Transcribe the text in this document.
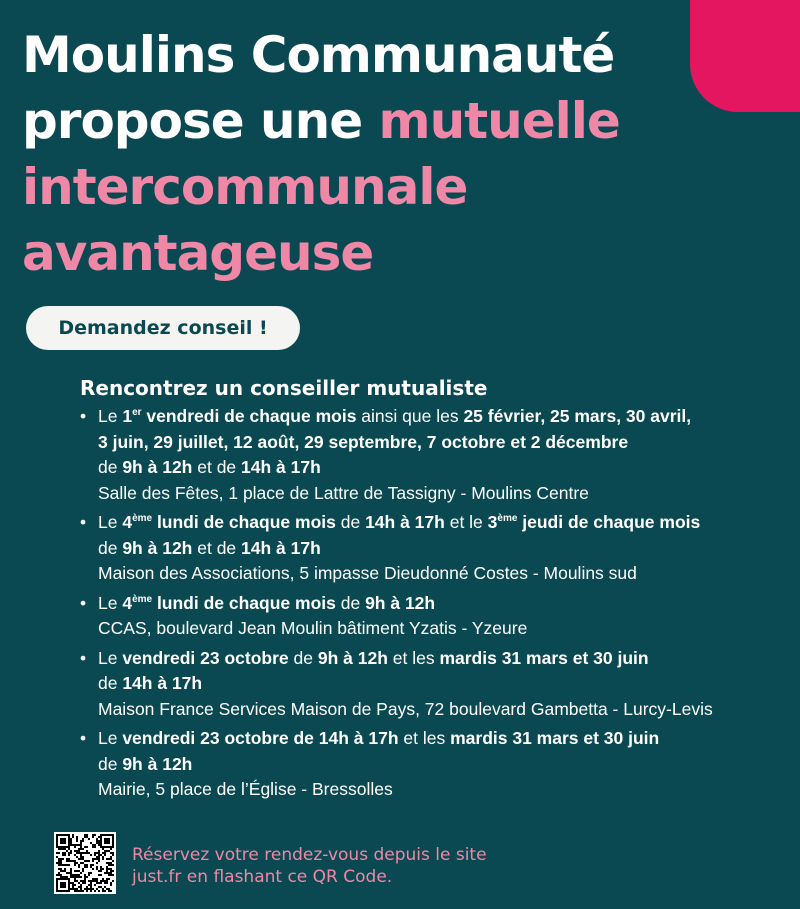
Moulins Communauté
propose une mutuelle
intercommunale
avantageuse
Demandez conseil !
Rencontrez un conseiller mutualiste
• Le 1er vendredi de chaque mois ainsi que les 25 février, 25 mars, 30 avril,
3 juin, 29 juillet, 12 août, 29 septembre, 7 octobre et 2 décembre
de 9h à 12h et de 14h à 17h
Salle des Fêtes, 1 place de Lattre de Tassigny - Moulins Centre
• Le 4ème lundi de chaque mois de 14h à 17h et le 3ème jeudi de chaque mois
de 9h à 12h et de 14h à 17h
Maison des Associations, 5 impasse Dieudonné Costes - Moulins sud
• Le 4ème lundi de chaque mois de 9h à 12h
CCAS, boulevard Jean Moulin bâtiment Yzatis - Yzeure
• Le vendredi 23 octobre de 9h à 12h et les mardis 31 mars et 30 juin
de 14h à 17h
Maison France Services Maison de Pays, 72 boulevard Gambetta - Lurcy-Levis
• Le vendredi 23 octobre de 14h à 17h et les mardis 31 mars et 30 juin
de 9h à 12h
Mairie, 5 place de l’Église - Bressolles
Réservez votre rendez-vous depuis le site
just.fr en flashant ce QR Code.
